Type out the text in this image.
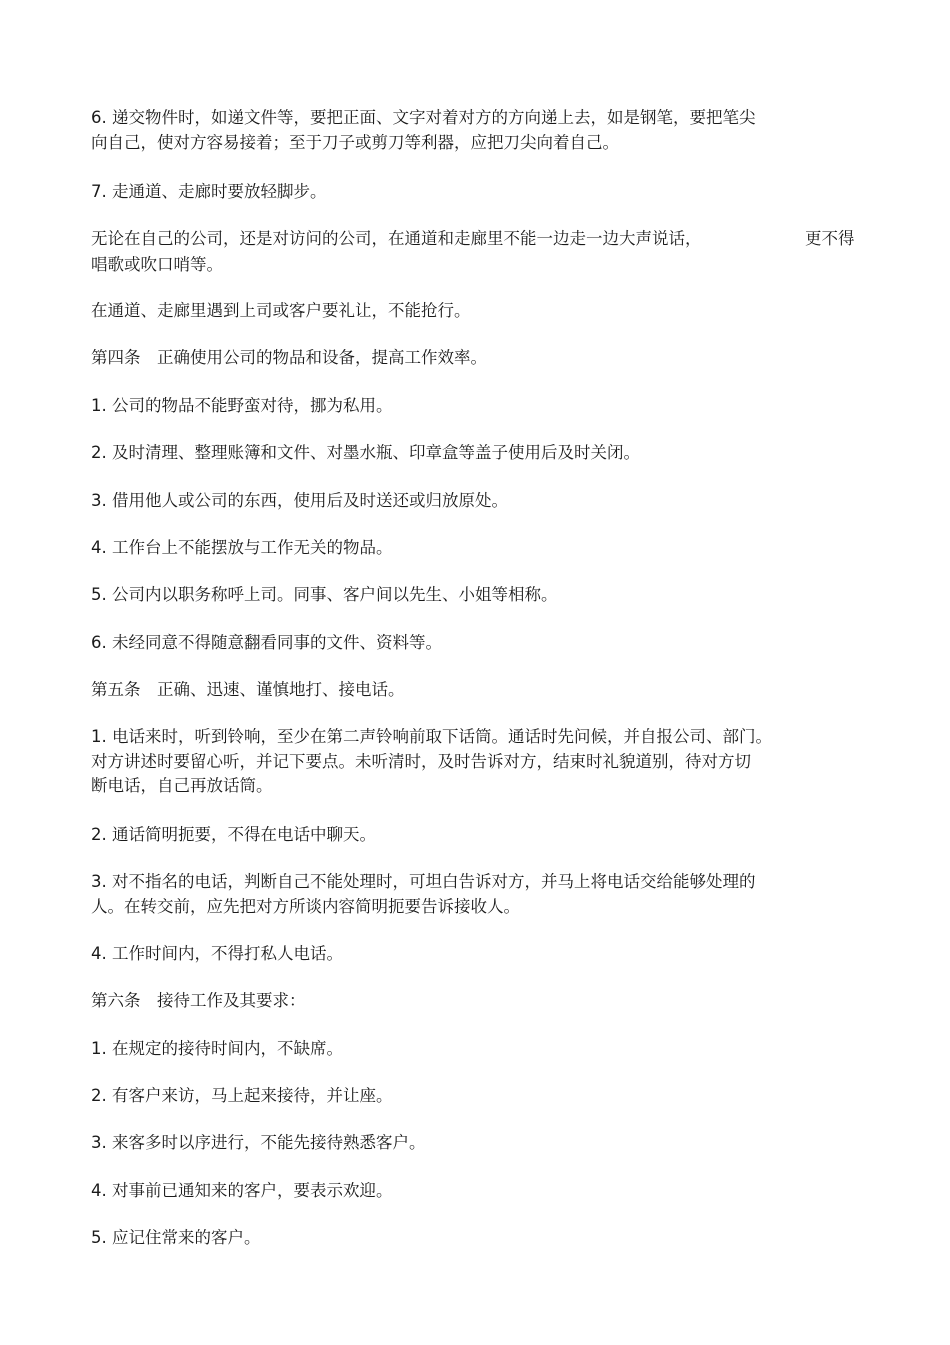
6. 递交物件时，如递文件等，要把正面、文字对着对方的方向递上去，如是钢笔，要把笔尖

向自己，使对方容易接着；至于刀子或剪刀等利器，应把刀尖向着自己。

7. 走通道、走廊时要放轻脚步。

无论在自己的公司，还是对访问的公司，在通道和走廊里不能一边走一边大声说话，	更不得

唱歌或吹口哨等。

在通道、走廊里遇到上司或客户要礼让，不能抢行。

第四条　正确使用公司的物品和设备，提高工作效率。

1. 公司的物品不能野蛮对待，挪为私用。

2. 及时清理、整理账簿和文件、对墨水瓶、印章盒等盖子使用后及时关闭。

3. 借用他人或公司的东西，使用后及时送还或归放原处。

4. 工作台上不能摆放与工作无关的物品。

5. 公司内以职务称呼上司。同事、客户间以先生、小姐等相称。

6. 未经同意不得随意翻看同事的文件、资料等。

第五条　正确、迅速、谨慎地打、接电话。

1. 电话来时，听到铃响，至少在第二声铃响前取下话筒。通话时先问候，并自报公司、部门。

对方讲述时要留心听，并记下要点。未听清时，及时告诉对方，结束时礼貌道别，待对方切

断电话，自己再放话筒。

2. 通话简明扼要，不得在电话中聊天。

3. 对不指名的电话，判断自己不能处理时，可坦白告诉对方，并马上将电话交给能够处理的

人。在转交前，应先把对方所谈内容简明扼要告诉接收人。

4. 工作时间内，不得打私人电话。

第六条　接待工作及其要求：

1. 在规定的接待时间内，不缺席。

2. 有客户来访，马上起来接待，并让座。

3. 来客多时以序进行，不能先接待熟悉客户。

4. 对事前已通知来的客户，要表示欢迎。

5. 应记住常来的客户。
